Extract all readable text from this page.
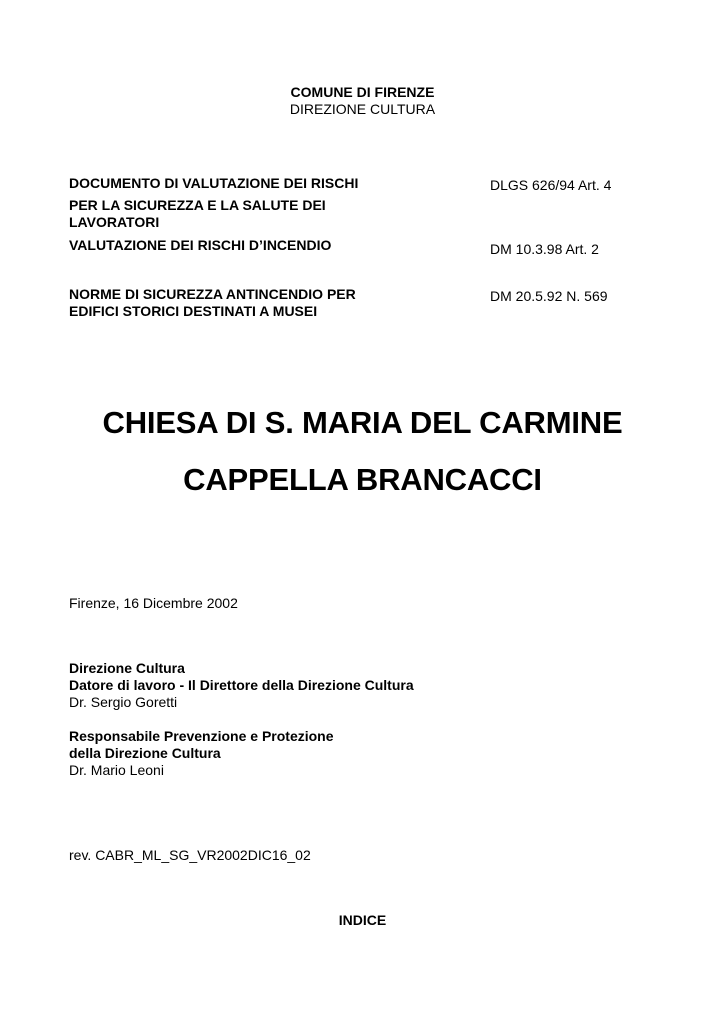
COMUNE DI FIRENZE
DIREZIONE CULTURA
DOCUMENTO DI VALUTAZIONE DEI RISCHI	DLGS 626/94 Art. 4
PER LA SICUREZZA E LA SALUTE DEI LAVORATORI
VALUTAZIONE DEI RISCHI D’INCENDIO	DM 10.3.98 Art. 2
NORME DI SICUREZZA ANTINCENDIO PER EDIFICI STORICI DESTINATI A MUSEI
DM 20.5.92 N. 569
CHIESA DI S. MARIA DEL CARMINE
CAPPELLA BRANCACCI
Firenze, 16 Dicembre 2002
Direzione Cultura
Datore di lavoro - Il Direttore della Direzione Cultura
Dr. Sergio Goretti
Responsabile Prevenzione e Protezione
della Direzione Cultura
Dr. Mario Leoni
rev. CABR_ML_SG_VR2002DIC16_02
INDICE
